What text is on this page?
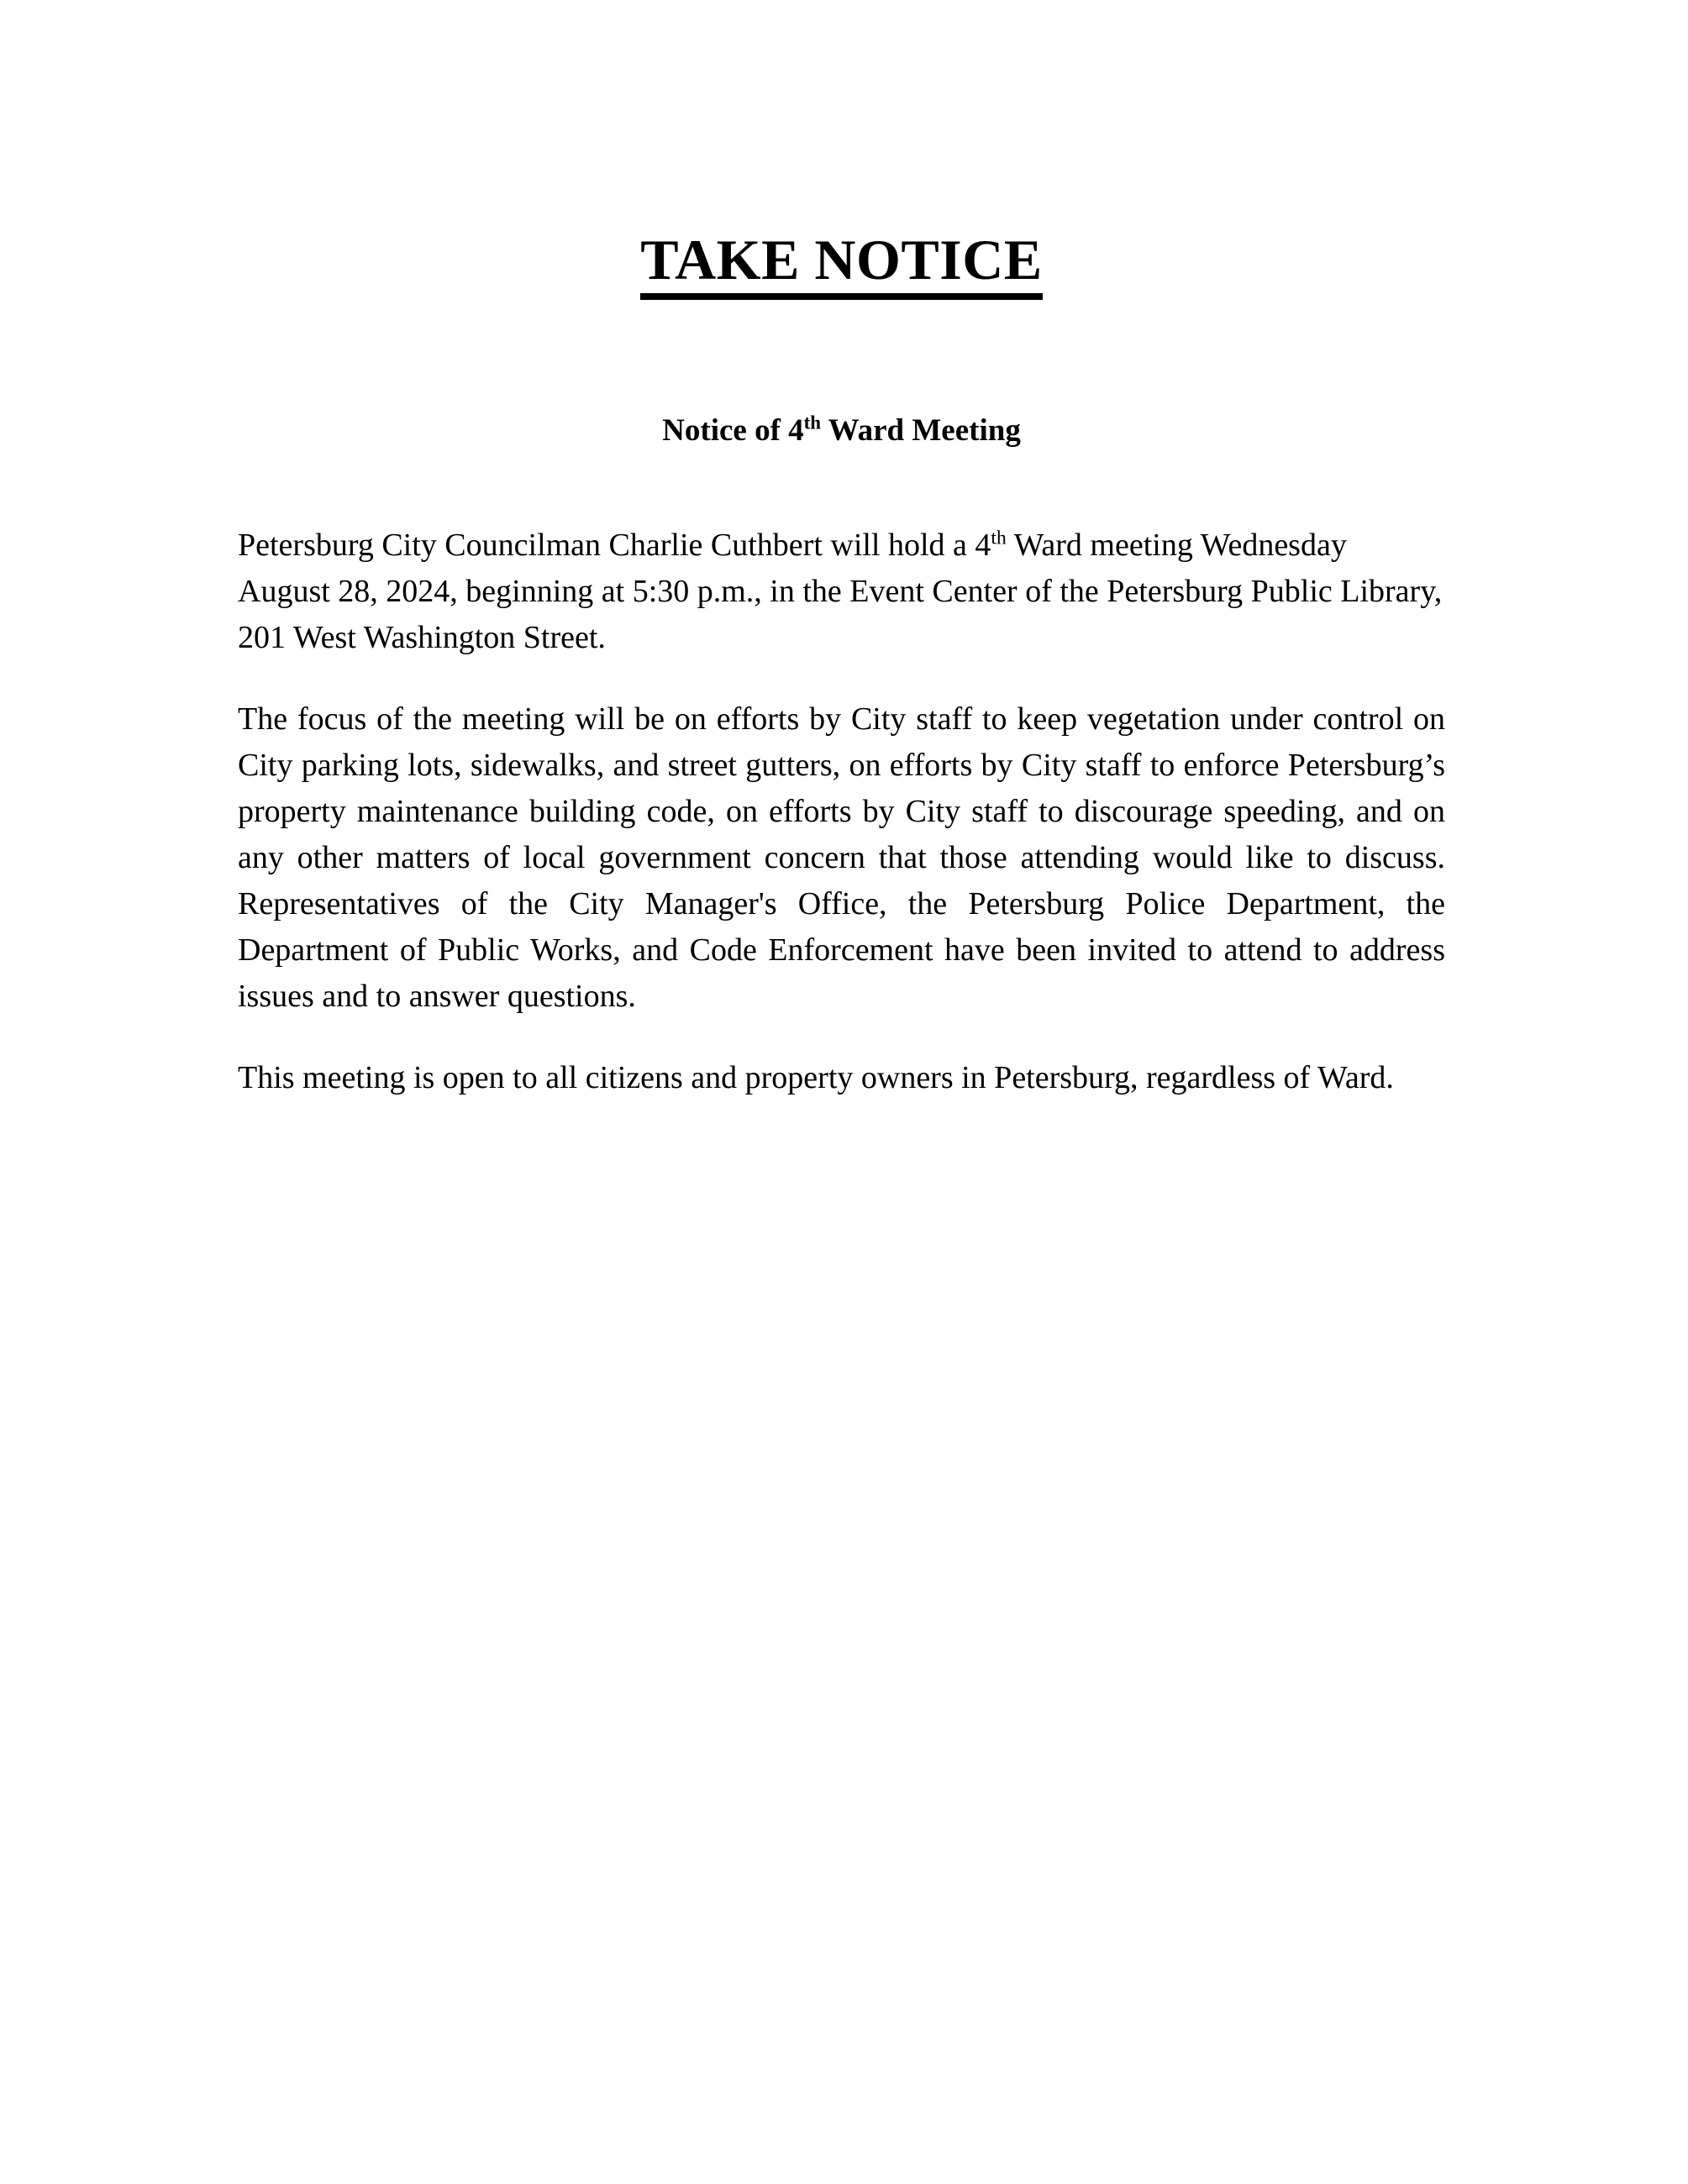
TAKE NOTICE
Notice of 4th Ward Meeting

Petersburg City Councilman Charlie Cuthbert will hold a 4th Ward meeting Wednesday August 28, 2024, beginning at 5:30 p.m., in the Event Center of the Petersburg Public Library, 201 West Washington Street.

The focus of the meeting will be on efforts by City staff to keep vegetation under control on City parking lots, sidewalks, and street gutters, on efforts by City staff to enforce Petersburg’s property maintenance building code, on efforts by City staff to discourage speeding, and on any other matters of local government concern that those attending would like to discuss. Representatives of the City Manager's Office, the Petersburg Police Department, the Department of Public Works, and Code Enforcement have been invited to attend to address issues and to answer questions.

This meeting is open to all citizens and property owners in Petersburg, regardless of Ward.
